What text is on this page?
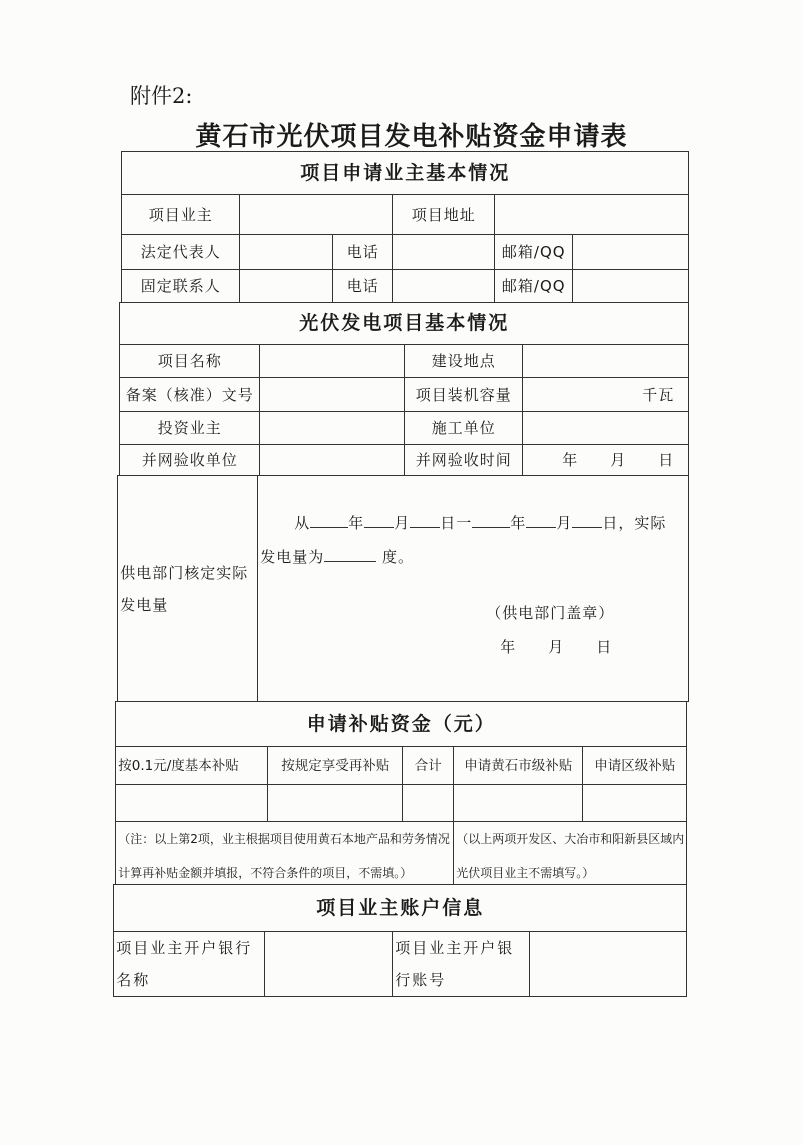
附件2:
黄石市光伏项目发电补贴资金申请表
项目申请业主基本情况
项目业主	项目地址
法定代表人	电话	邮箱/QQ
固定联系人	电话	邮箱/QQ
光伏发电项目基本情况
项目名称	建设地点
备案（核准）文号	项目装机容量	千瓦
投资业主	施工单位
并网验收单位	并网验收时间	年　　月　　日
供电部门核定实际发电量
从	年 月 日一	年 月 日，实际
发电量为	度。
（供电部门盖章）
年　　月　　日
申请补贴资金（元）
按0.1元/度基本补贴	按规定享受再补贴	合计	申请黄石市级补贴	申请区级补贴
（注：以上第2项，业主根据项目使用黄石本地产品和劳务情况计算再补贴金额并填报，不符合条件的项目，不需填。）
（以上两项开发区、大冶市和阳新县区域内光伏项目业主不需填写。）
项目业主账户信息
项目业主开户银行名称
项目业主开户银行账号
